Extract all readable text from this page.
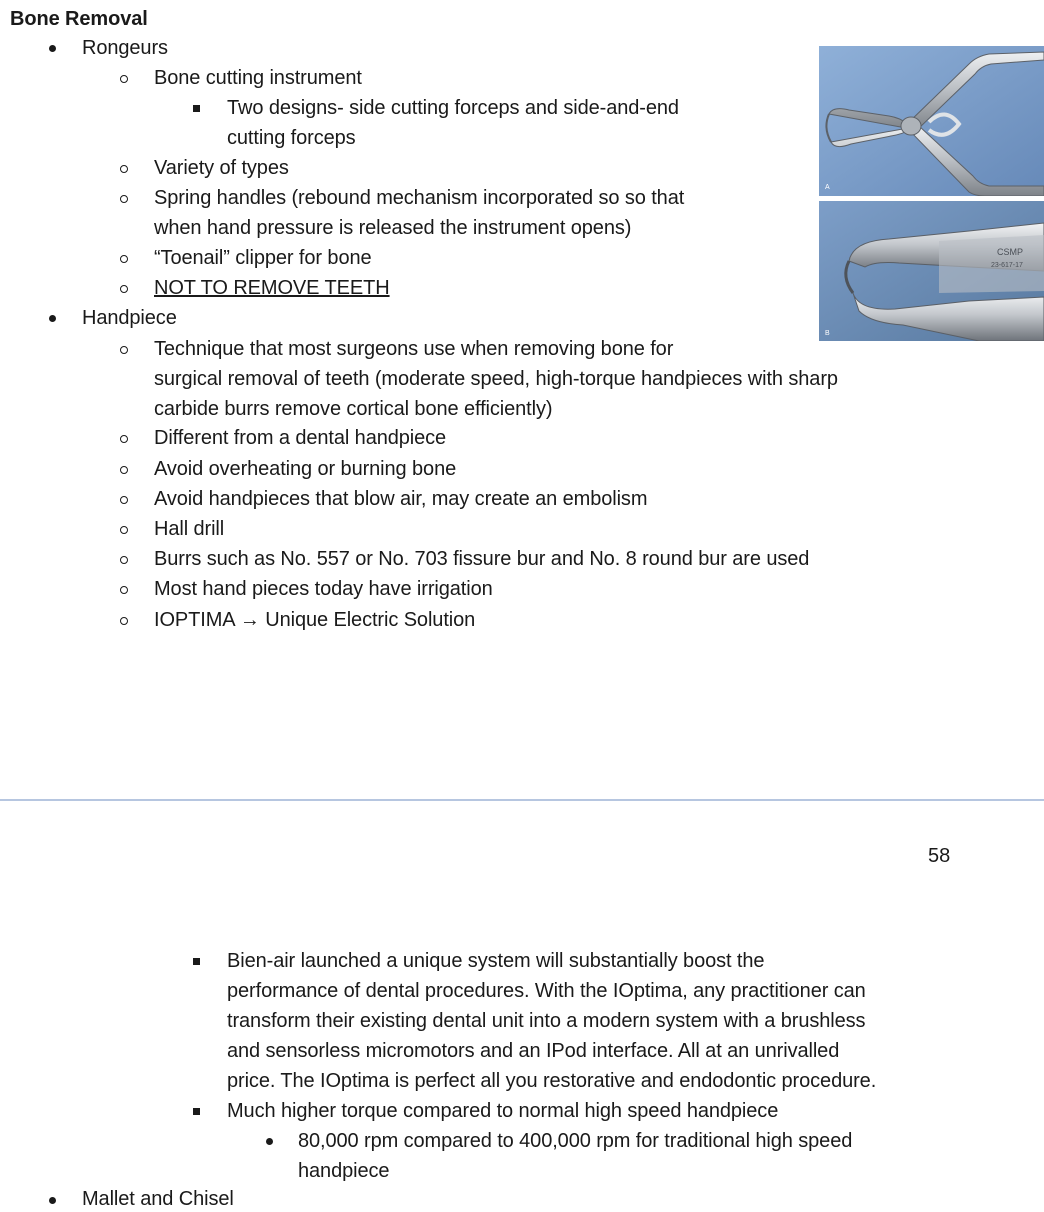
Bone Removal
Rongeurs
Bone cutting instrument
Two designs- side cutting forceps and side-and-end
cutting forceps
Variety of types
Spring handles (rebound mechanism incorporated so so that
when hand pressure is released the instrument opens)
“Toenail” clipper for bone
NOT TO REMOVE TEETH
Handpiece
Technique that most surgeons use when removing bone for
surgical removal of teeth (moderate speed, high-torque handpieces with sharp
carbide burrs remove cortical bone efficiently)
Different from a dental handpiece
Avoid overheating or burning bone
Avoid handpieces that blow air, may create an embolism
Hall drill
Burrs such as No. 557 or No. 703 fissure bur and No. 8 round bur are used
Most hand pieces today have irrigation
IOPTIMA → Unique Electric Solution
A
CSMP
23-617-17
B
58
Bien-air launched a unique system will substantially boost the
performance of dental procedures. With the IOptima, any practitioner can
transform their existing dental unit into a modern system with a brushless
and sensorless micromotors and an IPod interface. All at an unrivalled
price. The IOptima is perfect all you restorative and endodontic procedure.
Much higher torque compared to normal high speed handpiece
80,000 rpm compared to 400,000 rpm for traditional high speed
handpiece
Mallet and Chisel
